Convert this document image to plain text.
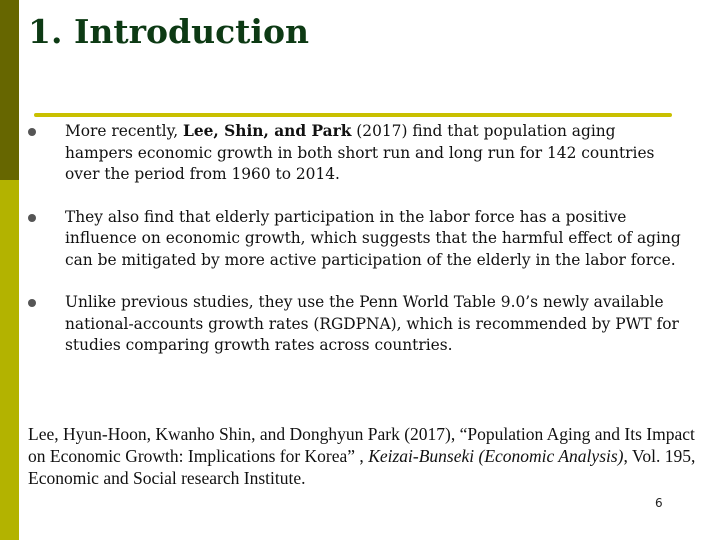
1. Introduction
More recently, Lee, Shin, and Park (2017) find that population aging hampers economic growth in both short run and long run for 142 countries over the period from 1960 to 2014.
They also find that elderly participation in the labor force has a positive influence on economic growth, which suggests that the harmful effect of aging can be mitigated by more active participation of the elderly in the labor force.
Unlike previous studies, they use the Penn World Table 9.0’s newly available national-accounts growth rates (RGDPNA), which is recommended by PWT for studies comparing growth rates across countries.

Lee, Hyun-Hoon, Kwanho Shin, and Donghyun Park (2017), “Population Aging and Its Impact on Economic Growth: Implications for Korea” , Keizai-Bunseki (Economic Analysis), Vol. 195, Economic and Social research Institute.

6
